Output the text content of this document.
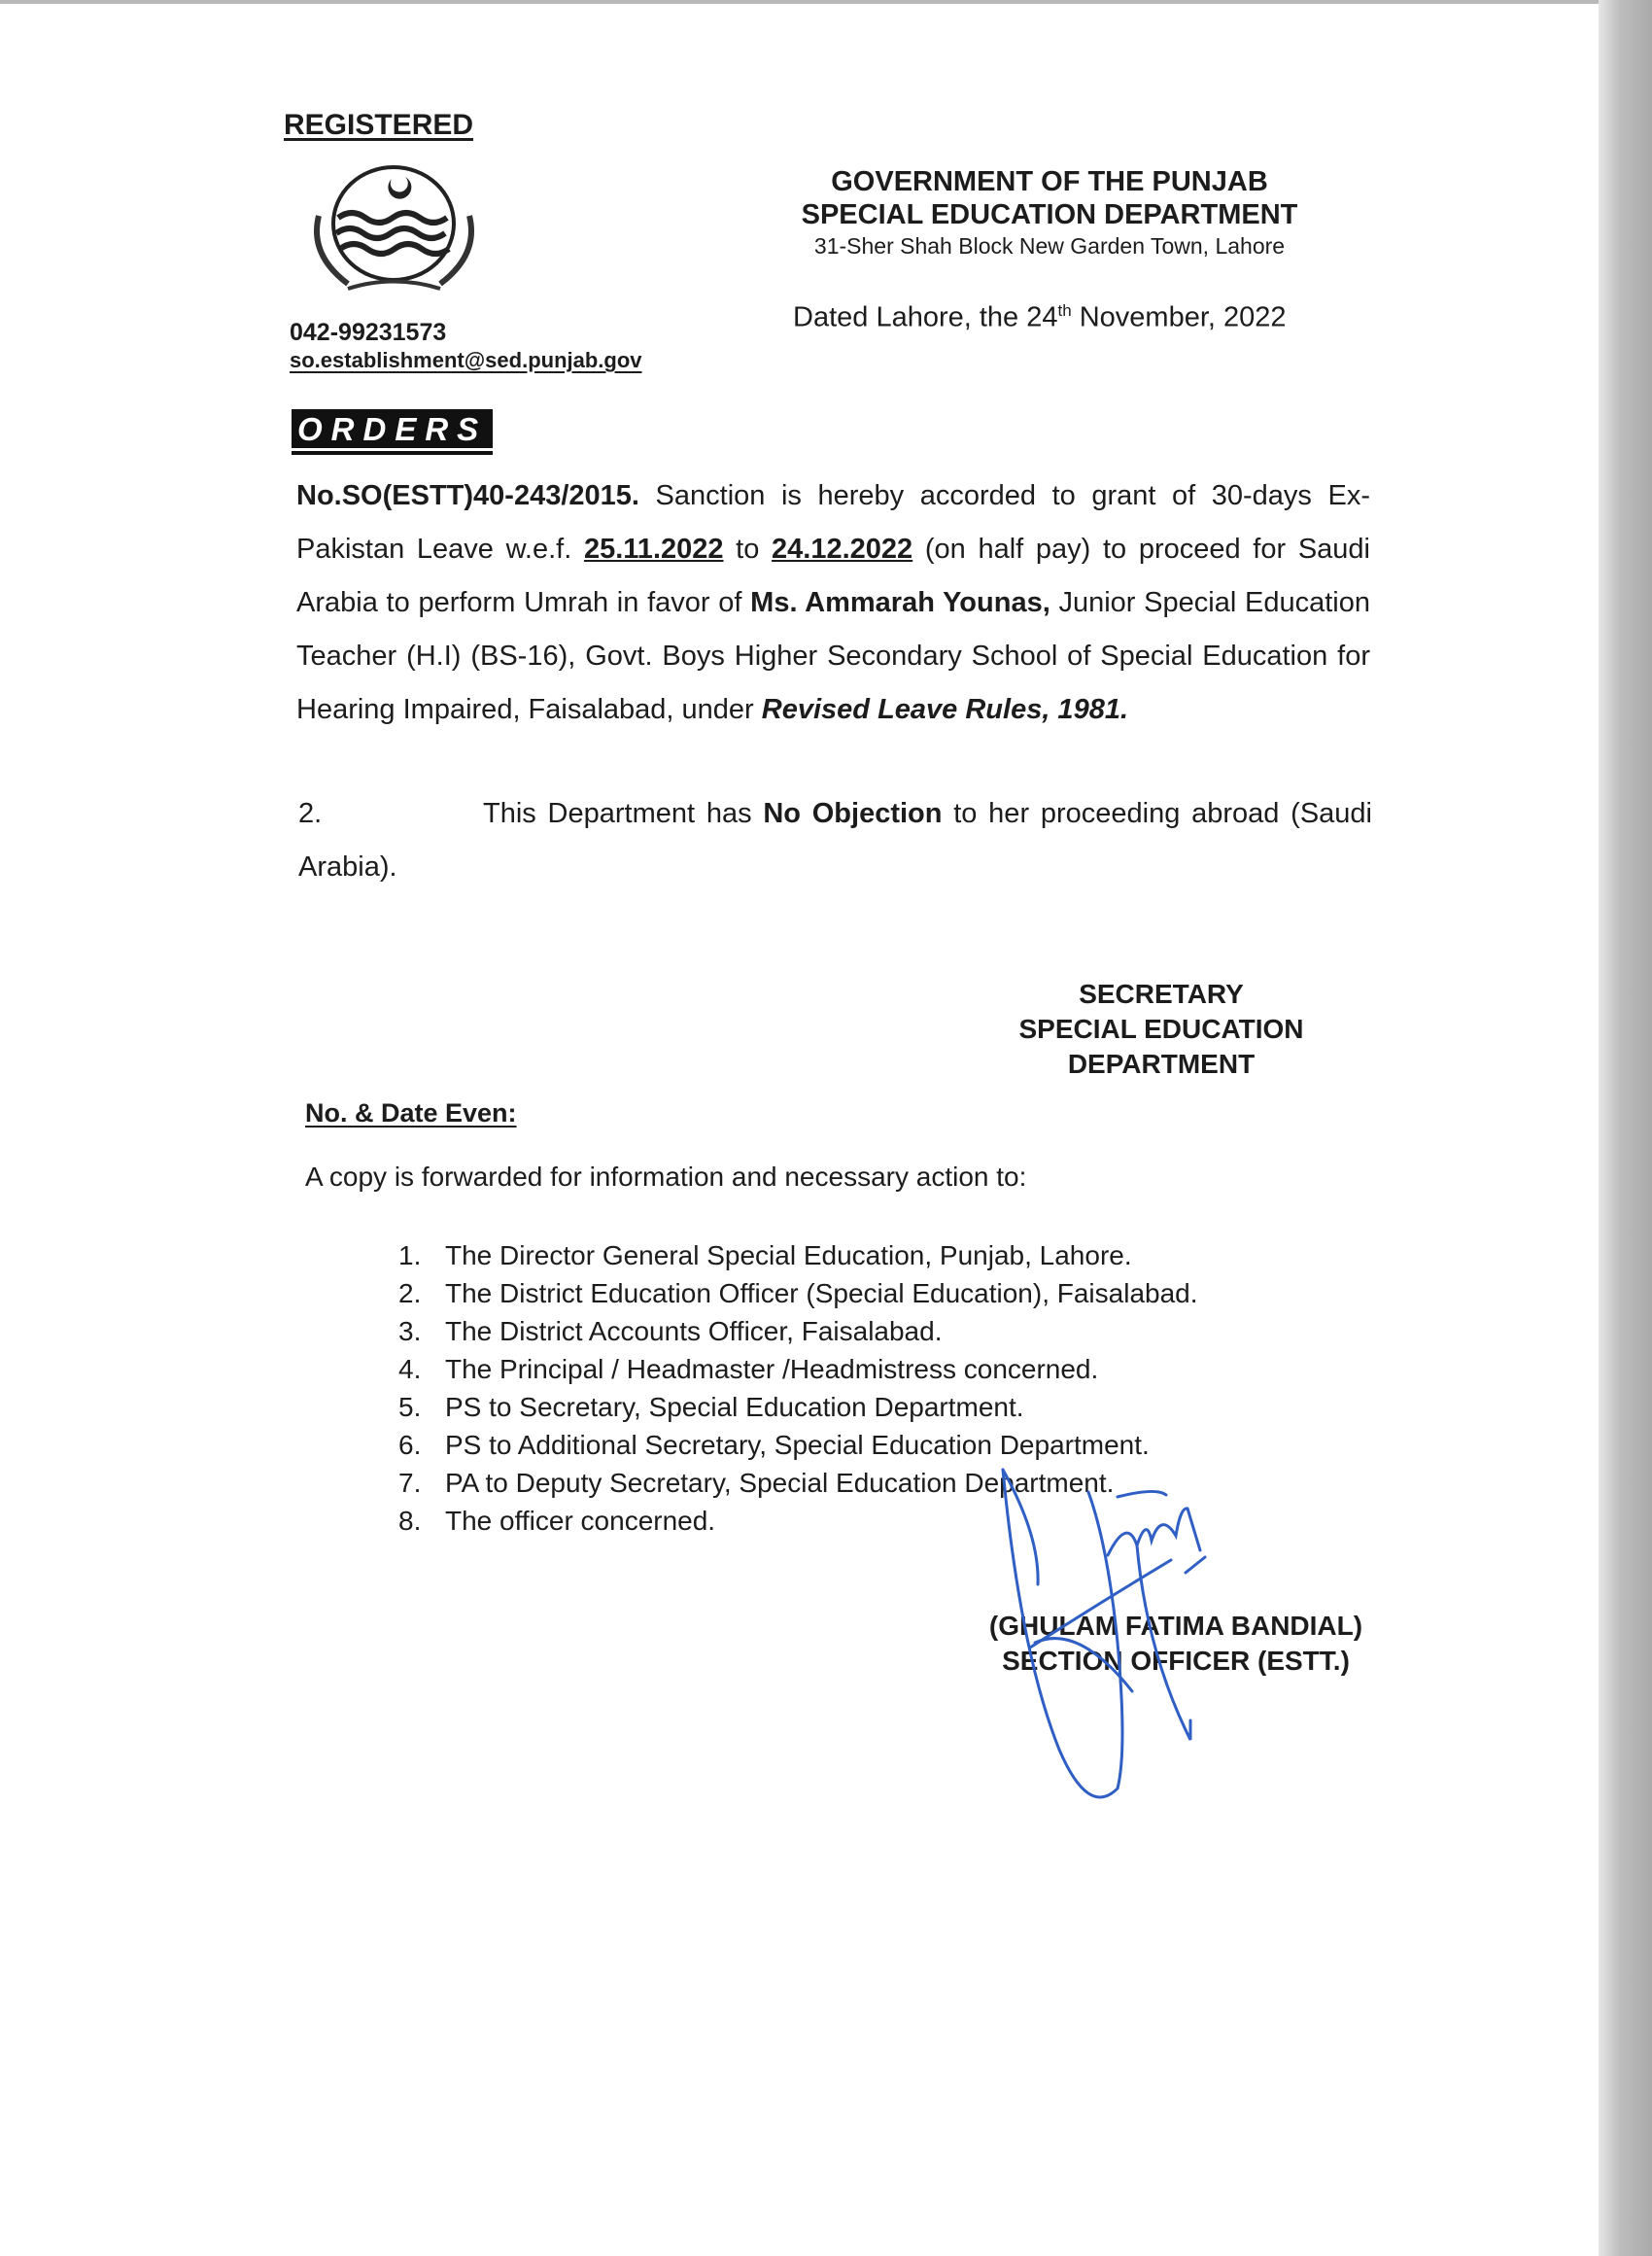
REGISTERED
GOVERNMENT OF THE PUNJAB
SPECIAL EDUCATION DEPARTMENT
31-Sher Shah Block New Garden Town, Lahore
Dated Lahore, the 24th November, 2022
042-99231573
so.establishment@sed.punjab.gov
ORDERS
No.SO(ESTT)40-243/2015. Sanction is hereby accorded to grant of 30-days Ex-Pakistan Leave w.e.f. 25.11.2022 to 24.12.2022 (on half pay) to proceed for Saudi Arabia to perform Umrah in favor of Ms. Ammarah Younas, Junior Special Education Teacher (H.I) (BS-16), Govt. Boys Higher Secondary School of Special Education for Hearing Impaired, Faisalabad, under Revised Leave Rules, 1981.
2.	This Department has No Objection to her proceeding abroad (Saudi Arabia).
SECRETARY
SPECIAL EDUCATION
DEPARTMENT
No. & Date Even:
A copy is forwarded for information and necessary action to:
1. The Director General Special Education, Punjab, Lahore.
2. The District Education Officer (Special Education), Faisalabad.
3. The District Accounts Officer, Faisalabad.
4. The Principal / Headmaster /Headmistress concerned.
5. PS to Secretary, Special Education Department.
6. PS to Additional Secretary, Special Education Department.
7. PA to Deputy Secretary, Special Education Department.
8. The officer concerned.
(GHULAM FATIMA BANDIAL)
SECTION OFFICER (ESTT.)
